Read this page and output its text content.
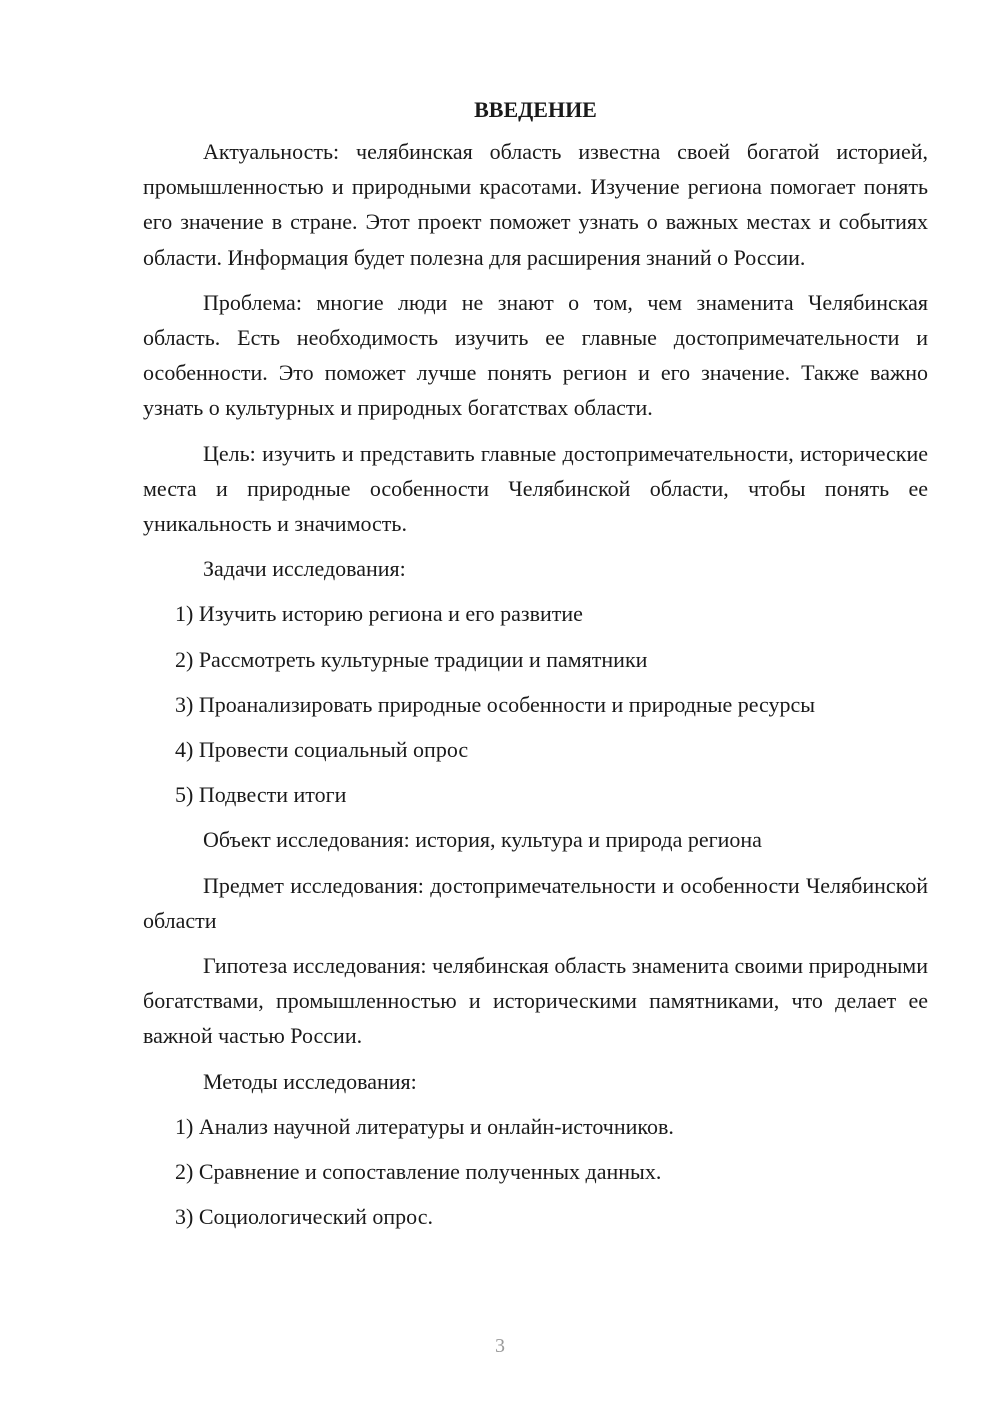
ВВЕДЕНИЕ

Актуальность: челябинская область известна своей богатой историей, промышленностью и природными красотами. Изучение региона помогает понять его значение в стране. Этот проект поможет узнать о важных местах и событиях области. Информация будет полезна для расширения знаний о России.

Проблема: многие люди не знают о том, чем знаменита Челябинская область. Есть необходимость изучить ее главные достопримечательности и особенности. Это поможет лучше понять регион и его значение. Также важно узнать о культурных и природных богатствах области.

Цель: изучить и представить главные достопримечательности, исторические места и природные особенности Челябинской области, чтобы понять ее уникальность и значимость.

Задачи исследования:

1) Изучить историю региона и его развитие

2) Рассмотреть культурные традиции и памятники

3) Проанализировать природные особенности и природные ресурсы

4) Провести социальный опрос

5) Подвести итоги

Объект исследования: история, культура и природа региона

Предмет исследования: достопримечательности и особенности Челябинской области

Гипотеза исследования: челябинская область знаменита своими природными богатствами, промышленностью и историческими памятниками, что делает ее важной частью России.

Методы исследования:

1) Анализ научной литературы и онлайн-источников.

2) Сравнение и сопоставление полученных данных.

3) Социологический опрос.

3
